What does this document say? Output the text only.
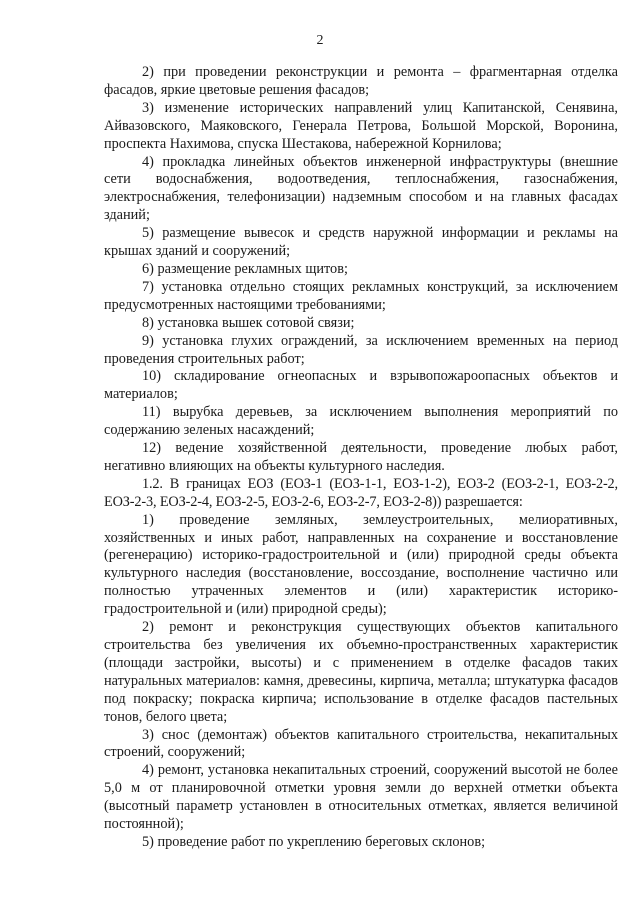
2

2) при проведении реконструкции и ремонта – фрагментарная отделка фасадов, яркие цветовые решения фасадов;

3) изменение исторических направлений улиц Капитанской, Сенявина, Айвазовского, Маяковского, Генерала Петрова, Большой Морской, Воронина, проспекта Нахимова, спуска Шестакова, набережной Корнилова;

4) прокладка линейных объектов инженерной инфраструктуры (внешние сети водоснабжения, водоотведения, теплоснабжения, газоснабжения, электроснабжения, телефонизации) надземным способом и на главных фасадах зданий;

5) размещение вывесок и средств наружной информации и рекламы на крышах зданий и сооружений;

6) размещение рекламных щитов;

7) установка отдельно стоящих рекламных конструкций, за исключением предусмотренных настоящими требованиями;

8) установка вышек сотовой связи;

9) установка глухих ограждений, за исключением временных на период проведения строительных работ;

10) складирование огнеопасных и взрывопожароопасных объектов и материалов;

11) вырубка деревьев, за исключением выполнения мероприятий по содержанию зеленых насаждений;

12) ведение хозяйственной деятельности, проведение любых работ, негативно влияющих на объекты культурного наследия.

1.2. В границах ЕОЗ (ЕОЗ-1 (ЕОЗ-1-1, ЕОЗ-1-2), ЕОЗ-2 (ЕОЗ-2-1, ЕОЗ-2-2, ЕОЗ-2-3, ЕОЗ-2-4, ЕОЗ-2-5, ЕОЗ-2-6, ЕОЗ-2-7, ЕОЗ-2-8)) разрешается:

1) проведение земляных, землеустроительных, мелиоративных, хозяйственных и иных работ, направленных на сохранение и восстановление (регенерацию) историко-градостроительной и (или) природной среды объекта культурного наследия (восстановление, воссоздание, восполнение частично или полностью утраченных элементов и (или) характеристик историко-градостроительной и (или) природной среды);

2) ремонт и реконструкция существующих объектов капитального строительства без увеличения их объемно-пространственных характеристик (площади застройки, высоты) и с применением в отделке фасадов таких натуральных материалов: камня, древесины, кирпича, металла; штукатурка фасадов под покраску; покраска кирпича; использование в отделке фасадов пастельных тонов, белого цвета;

3) снос (демонтаж) объектов капитального строительства, некапитальных строений, сооружений;

4) ремонт, установка некапитальных строений, сооружений высотой не более 5,0 м от планировочной отметки уровня земли до верхней отметки объекта (высотный параметр установлен в относительных отметках, является величиной постоянной);

5) проведение работ по укреплению береговых склонов;
